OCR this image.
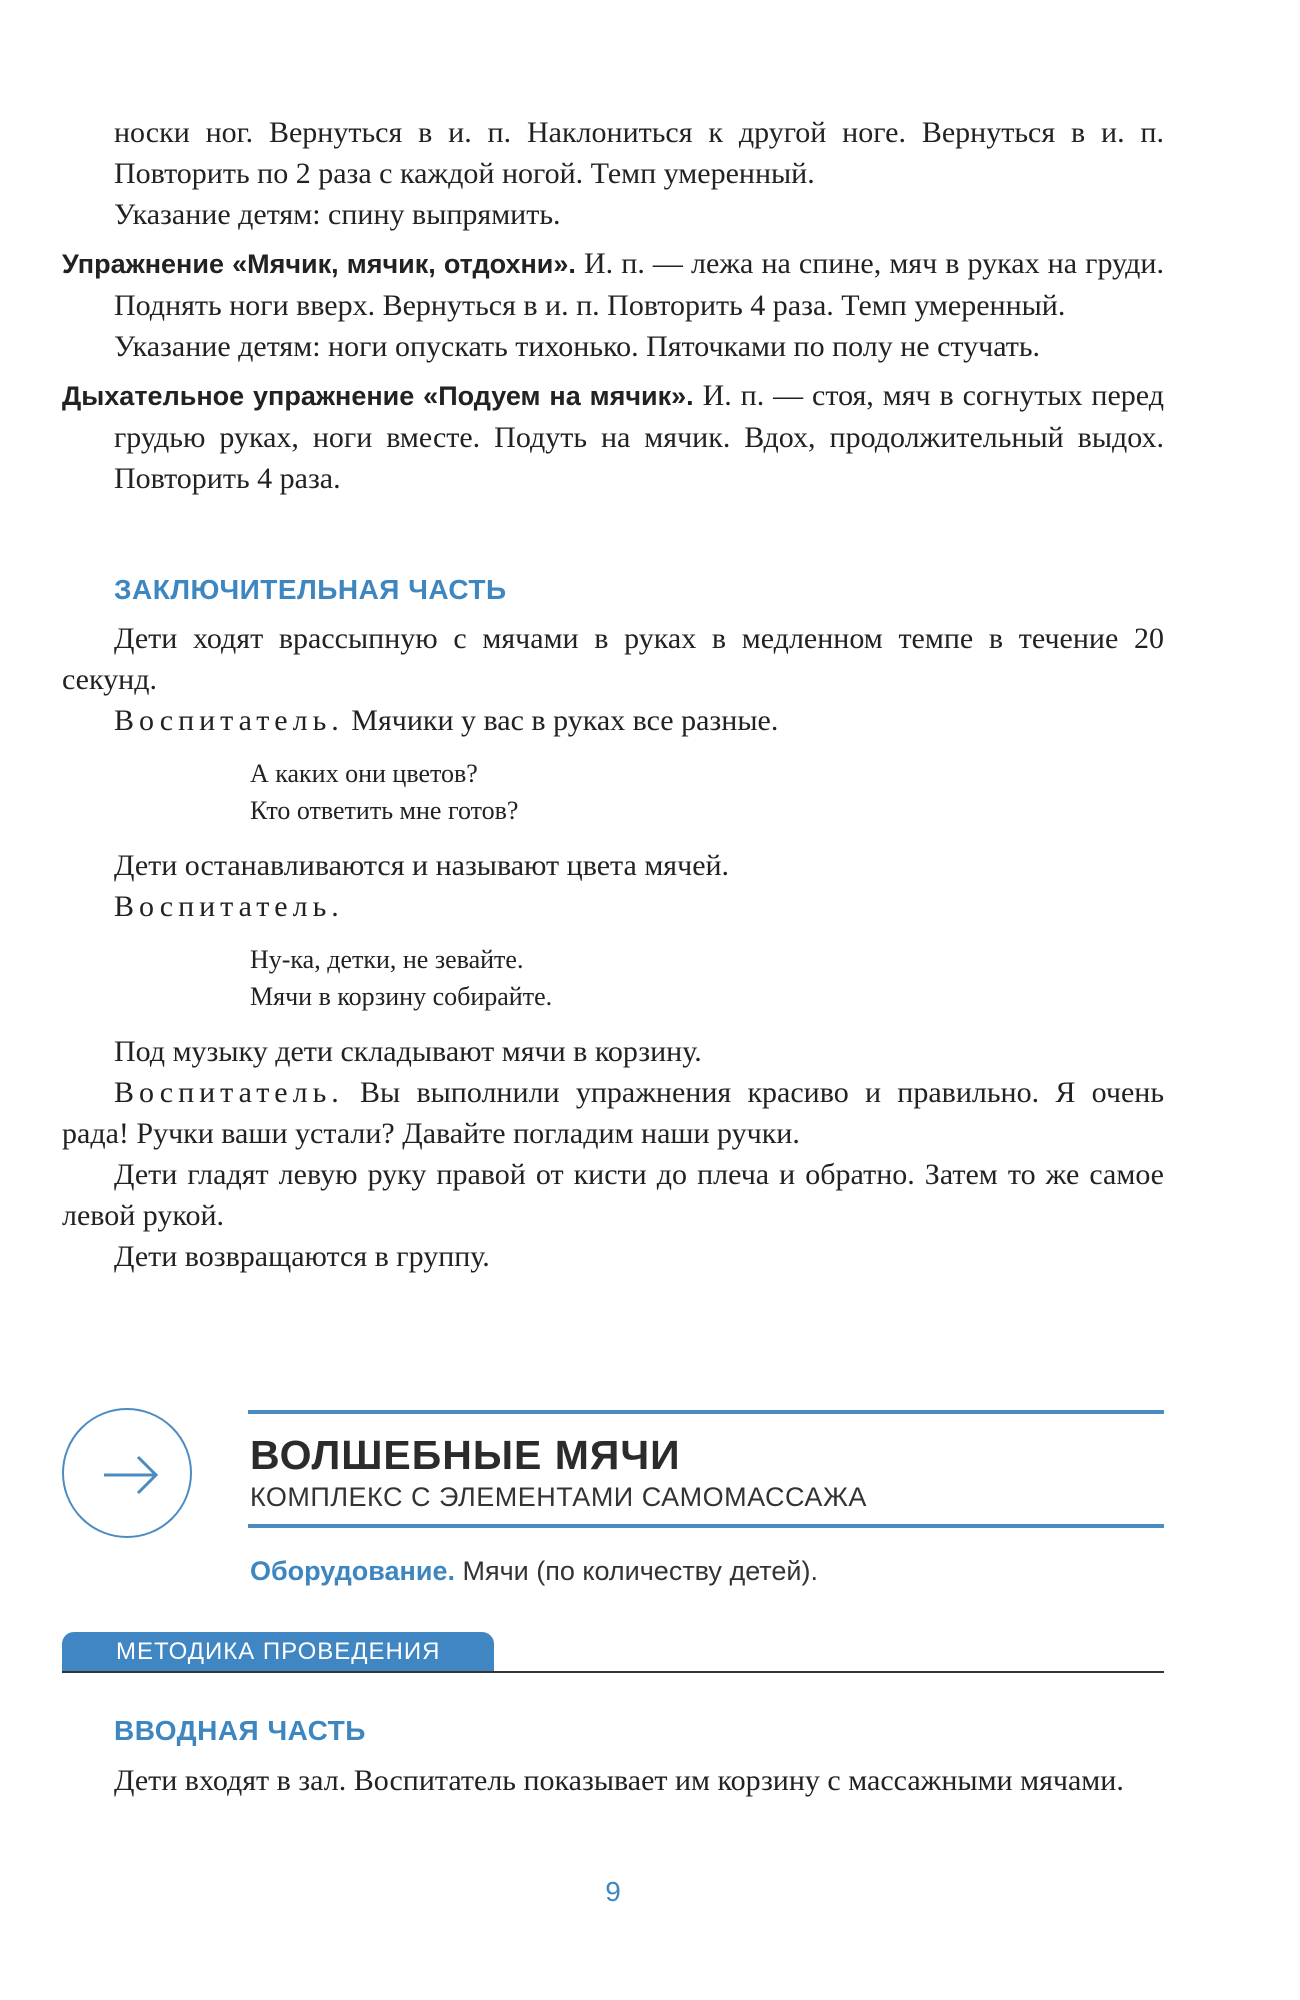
носки ног. Вернуться в и. п. Наклониться к другой ноге. Вернуться в и. п. Повторить по 2 раза с каждой ногой. Темп умеренный.

Указание детям: спину выпрямить.

Упражнение «Мячик, мячик, отдохни». И. п. — лежа на спине, мяч в руках на груди. Поднять ноги вверх. Вернуться в и. п. Повторить 4 раза. Темп умеренный.

Указание детям: ноги опускать тихонько. Пяточками по полу не стучать.

Дыхательное упражнение «Подуем на мячик». И. п. — стоя, мяч в согнутых перед грудью руках, ноги вместе. Подуть на мячик. Вдох, продолжительный выдох. Повторить 4 раза.

ЗАКЛЮЧИТЕЛЬНАЯ ЧАСТЬ

Дети ходят врассыпную с мячами в руках в медленном темпе в течение 20 секунд.

Воспитатель. Мячики у вас в руках все разные.

А каких они цветов?

Кто ответить мне готов?

Дети останавливаются и называют цвета мячей.

Воспитатель.

Ну-ка, детки, не зевайте.

Мячи в корзину собирайте.

Под музыку дети складывают мячи в корзину.

Воспитатель. Вы выполнили упражнения красиво и правильно. Я очень рада! Ручки ваши устали? Давайте погладим наши ручки.

Дети гладят левую руку правой от кисти до плеча и обратно. Затем то же самое левой рукой.

Дети возвращаются в группу.

ВОЛШЕБНЫЕ МЯЧИ
КОМПЛЕКС С ЭЛЕМЕНТАМИ САМОМАССАЖА
Оборудование. Мячи (по количеству детей).
МЕТОДИКА ПРОВЕДЕНИЯ
ВВОДНАЯ ЧАСТЬ

Дети входят в зал. Воспитатель показывает им корзину с массажными мячами.

9
